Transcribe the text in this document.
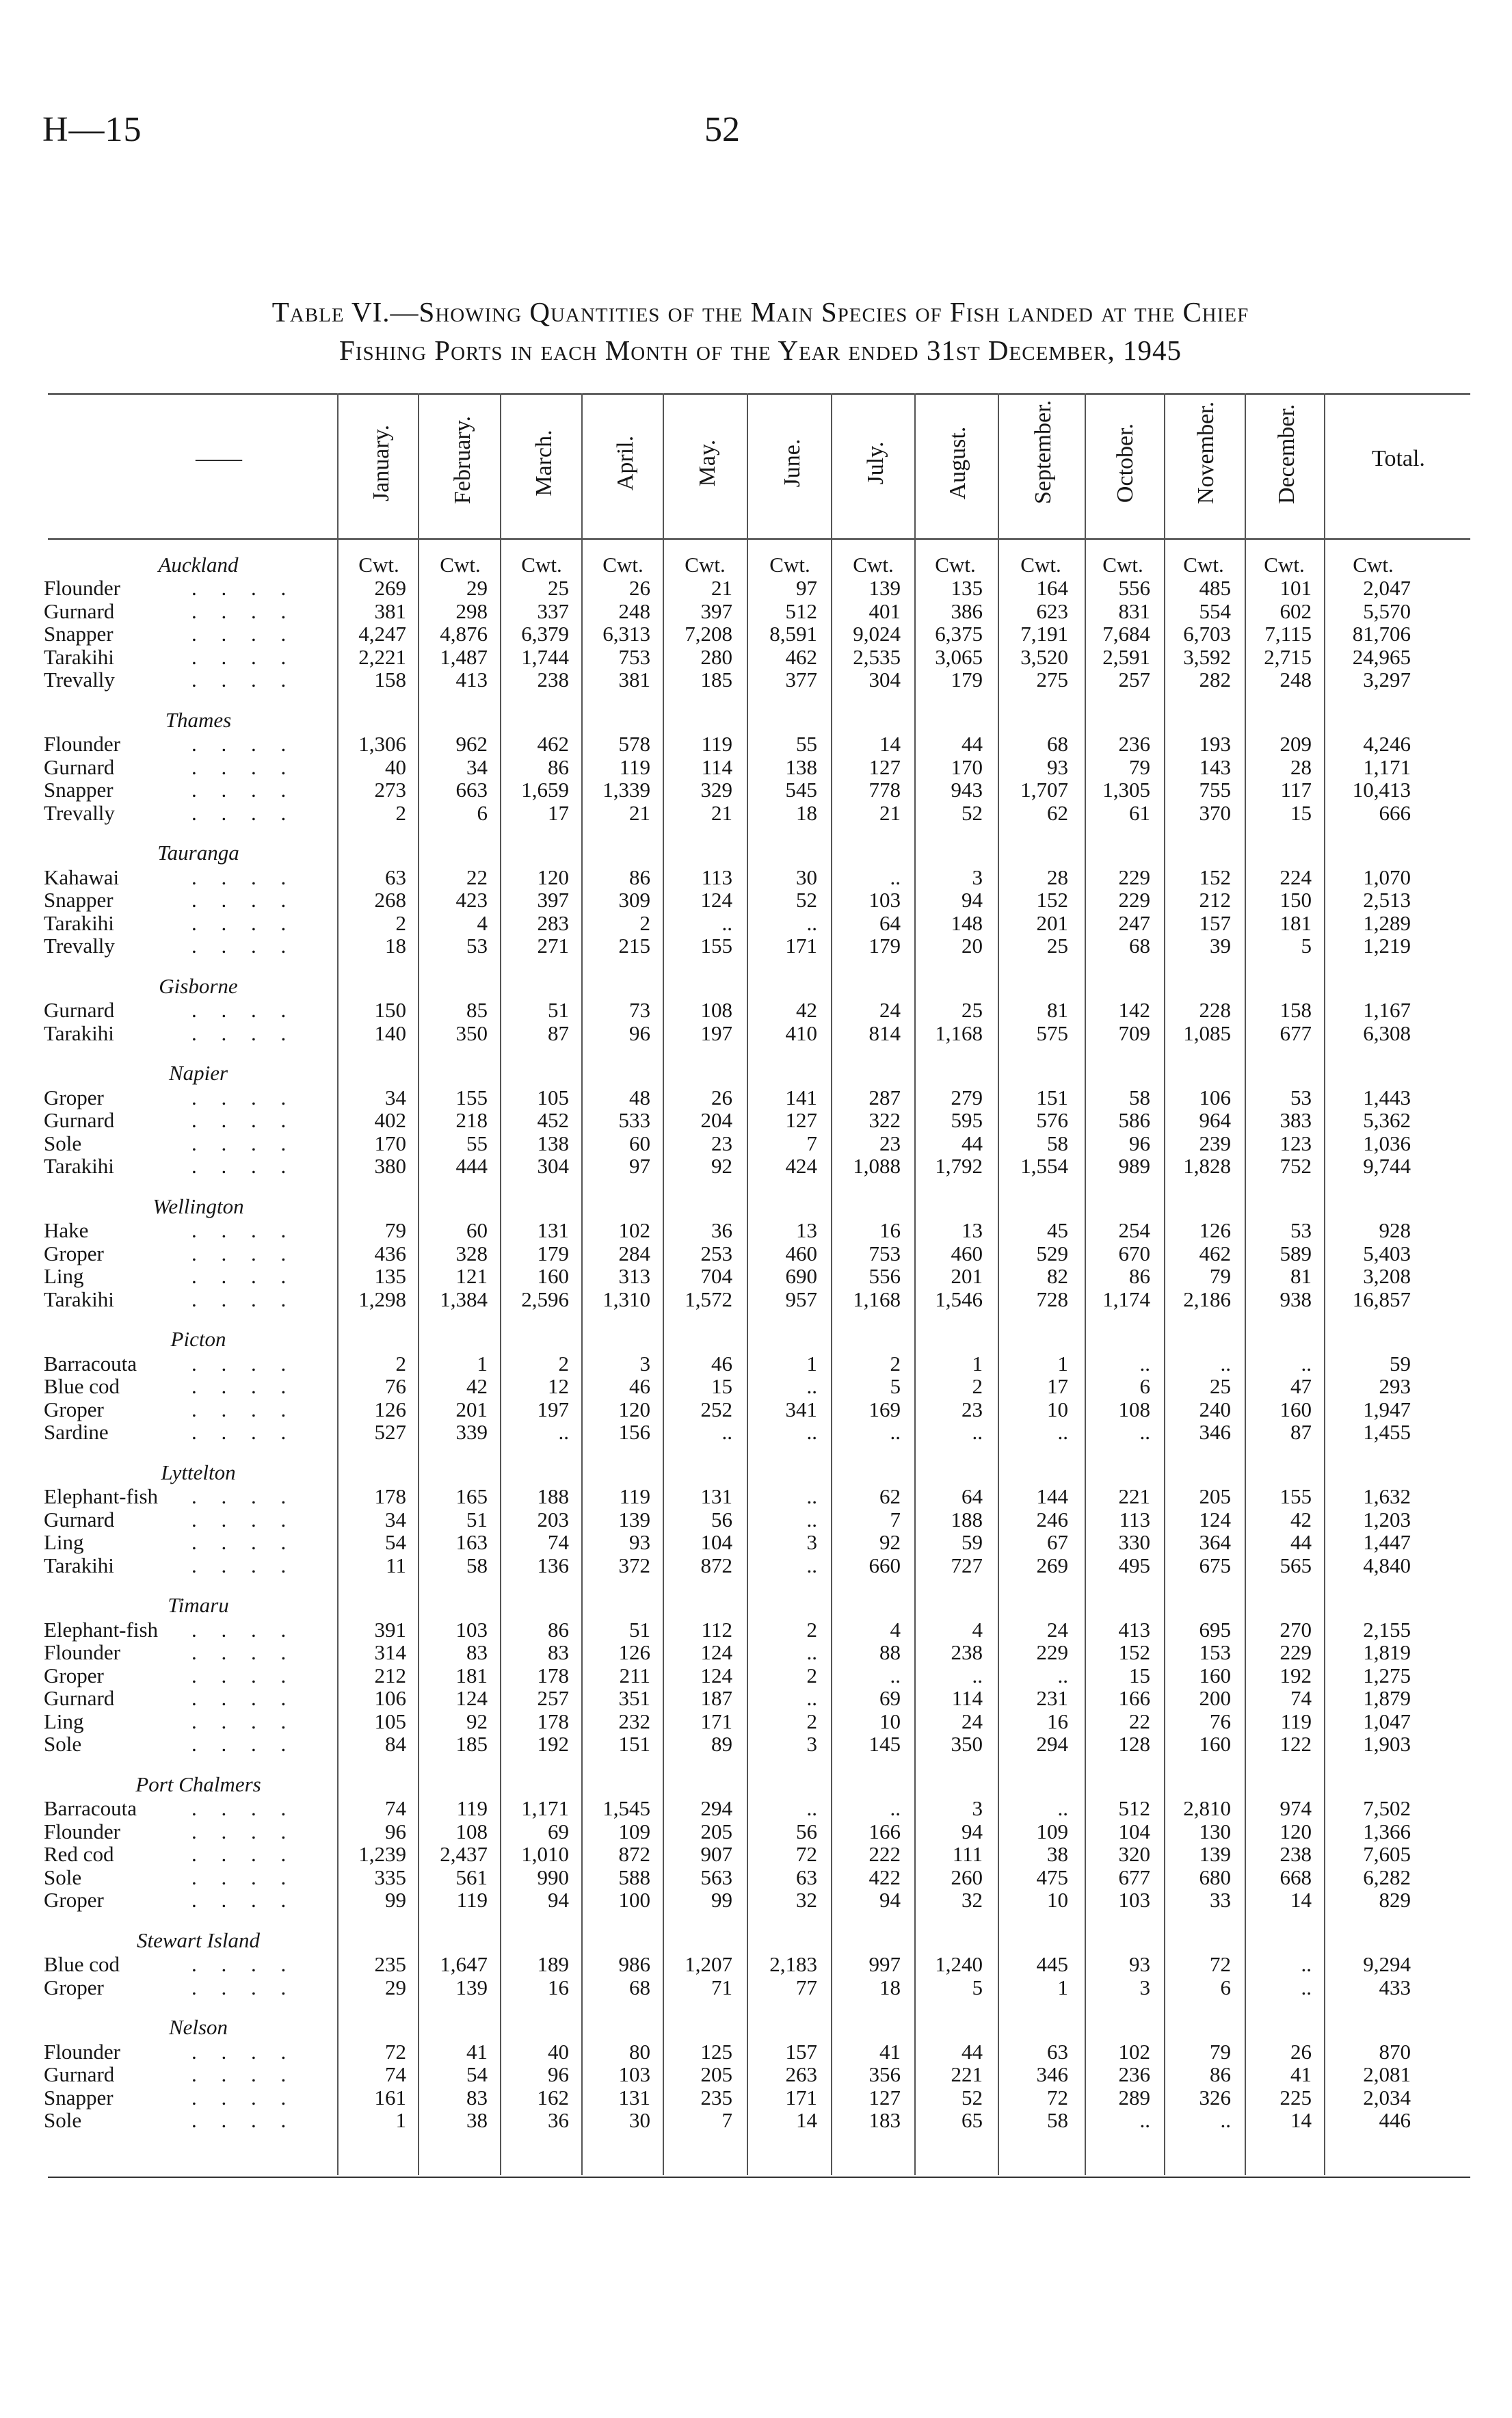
H—15	52
Table VI.—Showing Quantities of the Main Species of Fish landed at the Chief
Fishing Ports in each Month of the Year ended 31st December, 1945
January. February. March. April. May.	June.	July. August.	September. October. November. December.
Cwt.	Cwt.	Cwt.	Cwt.	Cwt.	Cwt.	Cwt.	Cwt.	Cwt.	Cwt.	Cwt.	Cwt.	Cwt.
——	Total.
Auckland
Flounder	. . . .	269	29	25	26	21	97	139	135	164	556	485	101	2,047
Gurnard	. . . .	381	298	337	248	397	512	401	386	623	831	554	602	5,570
Snapper	. . . .	4,247	4,876	6,379	6,313	7,208	8,591	9,024	6,375	7,191	7,684	6,703	7,115	81,706
Tarakihi	. . . .	2,221	1,487	1,744	753	280	462	2,535	3,065	3,520	2,591	3,592	2,715	24,965
Trevally	. . . .	158	413	238	381	185	377	304	179	275	257	282	248	3,297
Thames
Flounder	. . . .	1,306	962	462	578	119	55	14	44	68	236	193	209	4,246
Gurnard	. . . .	40	34	86	119	114	138	127	170	93	79	143	28	1,171
Snapper	. . . .	273	663	1,659	1,339	329	545	778	943	1,707	1,305	755	117	10,413
Trevally	. . . .	2	6	17	21	21	18	21	52	62	61	370	15	666
Tauranga
Kahawai	. . . .	63	22	120	86	113	30	..	3	28	229	152	224	1,070
Snapper	. . . .	268	423	397	309	124	52	103	94	152	229	212	150	2,513
Tarakihi	. . . .	2	4	283	2	..	..	64	148	201	247	157	181	1,289
Trevally	. . . .	18	53	271	215	155	171	179	20	25	68	39	5	1,219
Gisborne
Gurnard	. . . .	150	85	51	73	108	42	24	25	81	142	228	158	1,167
Tarakihi	. . . .	140	350	87	96	197	410	814	1,168	575	709	1,085	677	6,308
Napier
Groper	. . . .	34	155	105	48	26	141	287	279	151	58	106	53	1,443
Gurnard	. . . .	402	218	452	533	204	127	322	595	576	586	964	383	5,362
Sole	. . . .	170	55	138	60	23	7	23	44	58	96	239	123	1,036
Tarakihi	. . . .	380	444	304	97	92	424	1,088	1,792	1,554	989	1,828	752	9,744
Wellington
Hake	. . . .	79	60	131	102	36	13	16	13	45	254	126	53	928
Groper	. . . .	436	328	179	284	253	460	753	460	529	670	462	589	5,403
Ling	. . . .	135	121	160	313	704	690	556	201	82	86	79	81	3,208
Tarakihi	. . . .	1,298	1,384	2,596	1,310	1,572	957	1,168	1,546	728	1,174	2,186	938	16,857
Picton
Barracouta	. . . .	2	1	2	3	46	1	2	1	1	..	..	..	59
Blue cod	. . . .	76	42	12	46	15	..	5	2	17	6	25	47	293
Groper	. . . .	126	201	197	120	252	341	169	23	10	108	240	160	1,947
Sardine	. . . .	527	339	..	156	..	..	..	..	..	..	346	87	1,455
Lyttelton
Elephant-fish . . . .	178	165	188	119	131	..	62	64	144	221	205	155	1,632
Gurnard	. . . .	34	51	203	139	56	..	7	188	246	113	124	42	1,203
Ling	. . . .	54	163	74	93	104	3	92	59	67	330	364	44	1,447
Tarakihi	. . . .	11	58	136	372	872	..	660	727	269	495	675	565	4,840
Timaru
Elephant-fish . . . .	391	103	86	51	112	2	4	4	24	413	695	270	2,155
Flounder	. . . .	314	83	83	126	124	..	88	238	229	152	153	229	1,819
Groper	. . . .	212	181	178	211	124	2	..	..	..	15	160	192	1,275
Gurnard	. . . .	106	124	257	351	187	..	69	114	231	166	200	74	1,879
Ling	. . . .	105	92	178	232	171	2	10	24	16	22	76	119	1,047
Sole	. . . .	84	185	192	151	89	3	145	350	294	128	160	122	1,903
Port Chalmers
Barracouta	. . . .	74	119	1,171	1,545	294	..	..	3	..	512	2,810	974	7,502
Flounder	. . . .	96	108	69	109	205	56	166	94	109	104	130	120	1,366
Red cod	. . . .	1,239	2,437	1,010	872	907	72	222	111	38	320	139	238	7,605
Sole	. . . .	335	561	990	588	563	63	422	260	475	677	680	668	6,282
Groper	. . . .	99	119	94	100	99	32	94	32	10	103	33	14	829
Stewart Island
Blue cod	. . . .	235	1,647	189	986	1,207	2,183	997	1,240	445	93	72	..	9,294
Groper	. . . .	29	139	16	68	71	77	18	5	1	3	6	..	433
Nelson
Flounder	. . . .	72	41	40	80	125	157	41	44	63	102	79	26	870
Gurnard	. . . .	74	54	96	103	205	263	356	221	346	236	86	41	2,081
Snapper	. . . .	161	83	162	131	235	171	127	52	72	289	326	225	2,034
Sole	. . . .	1	38	36	30	7	14	183	65	58	..	..	14	446
